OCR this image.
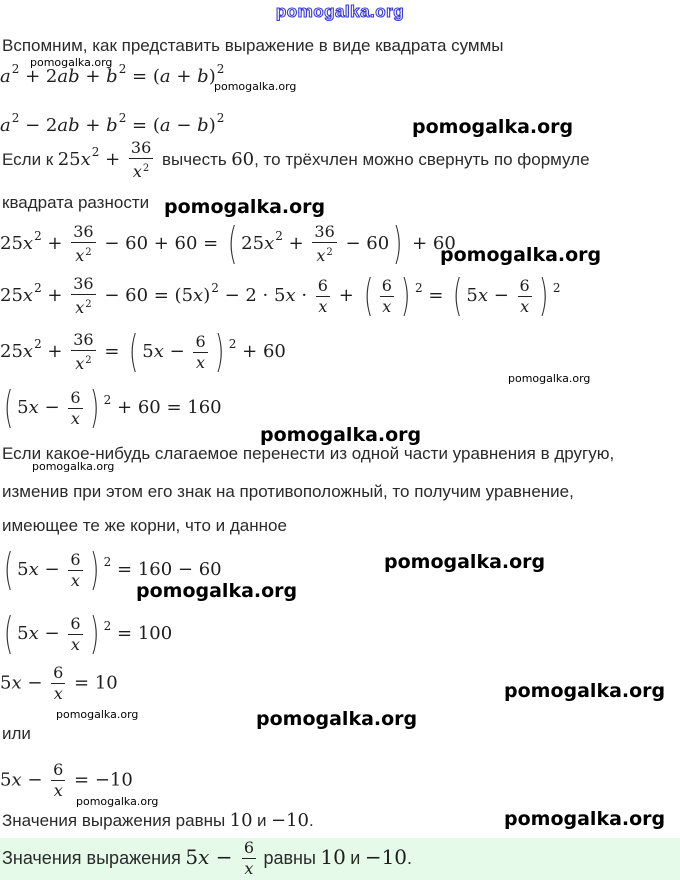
pomogalka.org
Вспомним, как представить выражение в виде квадрата суммы
$a^2 + 2ab + b^2 = (a + b)^2$
$a^2 - 2ab + b^2 = (a - b)^2$
Если к $25x^2 + \frac{36}{x^2}$ вычесть 60, то трёхчлен можно свернуть по формуле
квадрата разности
$25x^2 + \frac{36}{x^2} - 60 + 60$ = ( $25x^2 + \frac{36}{x^2} - 60) + 60$
$25x^2 + \frac{36}{x^2} - 60 = (5x)^2 - 2 \cdot 5x \cdot \frac{6}{x}$ + ( $\frac{6}{x}$ ) $^2$ = ( $5x - \frac{6}{x}$ ) $^2$
$25x^2 + \frac{36}{x^2}$ = ( $5x - \frac{6}{x}$ ) $^2$ + 60
( $5x - \frac{6}{x}$ ) $^2$ + 60 = 160
Если какое-нибудь слагаемое перенести из одной части уравнения в другую,
изменив при этом его знак на противоположный, то получим уравнение,
имеющее те же корни, что и данное
( $5x - \frac{6}{x}$ ) $^2$ = 160 − 60
( $5x - \frac{6}{x}$ ) $^2$ = 100
$5x - \frac{6}{x} = 10$
или
$5x - \frac{6}{x} = -10$
Значения выражения равны 10 и −10.
Значения выражения $5x - \frac{6}{x}$ равны 10 и −10.
pomogalka.org
pomogalka.org
pomogalka.org
pomogalka.org
pomogalka.org
pomogalka.org
pomogalka.org
pomogalka.org
pomogalka.org
pomogalka.org
pomogalka.org
pomogalka.org	pomogalka.org
pomogalka.org
pomogalka.org
